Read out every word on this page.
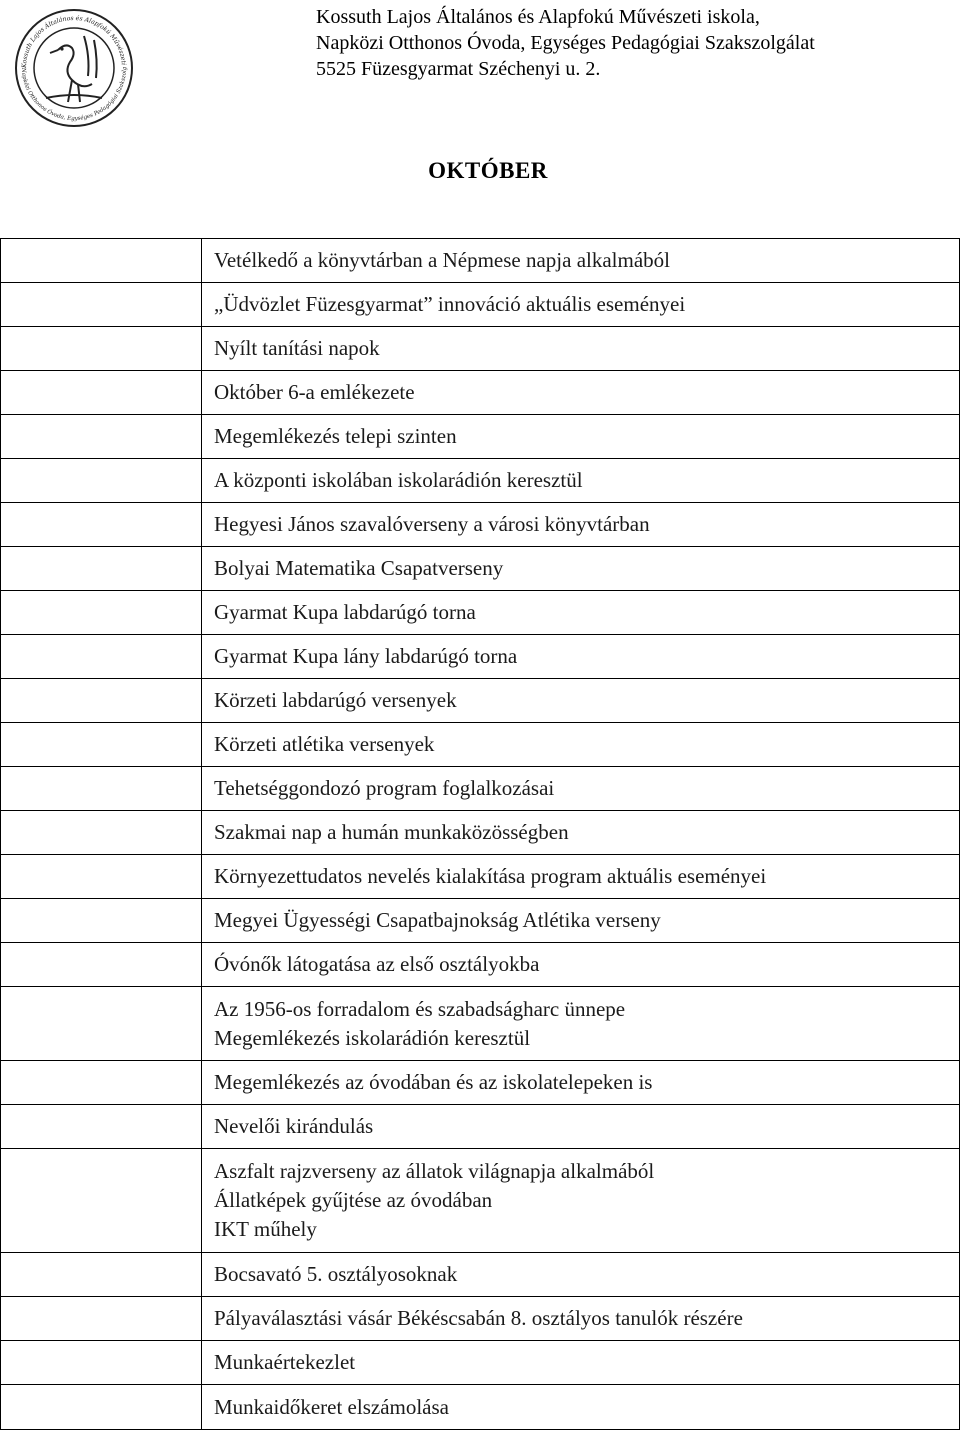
Kossuth Lajos Általános és Alapfokú Művészeti
Napközi Otthonos Óvoda, Egységes Pedagógiai Szakszolg
Kossuth Lajos Általános és Alapfokú Művészeti iskola,
Napközi Otthonos Óvoda, Egységes Pedagógiai Szakszolgálat
5525 Füzesgyarmat Széchenyi u. 2.
OKTÓBER

	Vetélkedő a könyvtárban a Népmese napja alkalmából

	„Üdvözlet Füzesgyarmat” innováció aktuális eseményei

	Nyílt tanítási napok

	Október 6-a emlékezete

	Megemlékezés telepi szinten

	A központi iskolában iskolarádión keresztül

	Hegyesi János szavalóverseny a városi könyvtárban

	Bolyai Matematika Csapatverseny

	Gyarmat Kupa labdarúgó torna

	Gyarmat Kupa lány labdarúgó torna

	Körzeti labdarúgó versenyek

	Körzeti atlétika versenyek

	Tehetséggondozó program foglalkozásai

	Szakmai nap a humán munkaközösségben

	Környezettudatos nevelés kialakítása program aktuális eseményei

	Megyei Ügyességi Csapatbajnokság Atlétika verseny

	Óvónők látogatása az első osztályokba

	Az 1956-os forradalom és szabadságharc ünnepe
Megemlékezés iskolarádión keresztül

	Megemlékezés az óvodában és az iskolatelepeken is

	Nevelői kirándulás

	Aszfalt rajzverseny az állatok világnapja alkalmából
Állatképek gyűjtése az óvodában
IKT műhely

	Bocsavató 5. osztályosoknak

	Pályaválasztási vásár Békéscsabán 8. osztályos tanulók részére

	Munkaértekezlet

	Munkaidőkeret elszámolása
